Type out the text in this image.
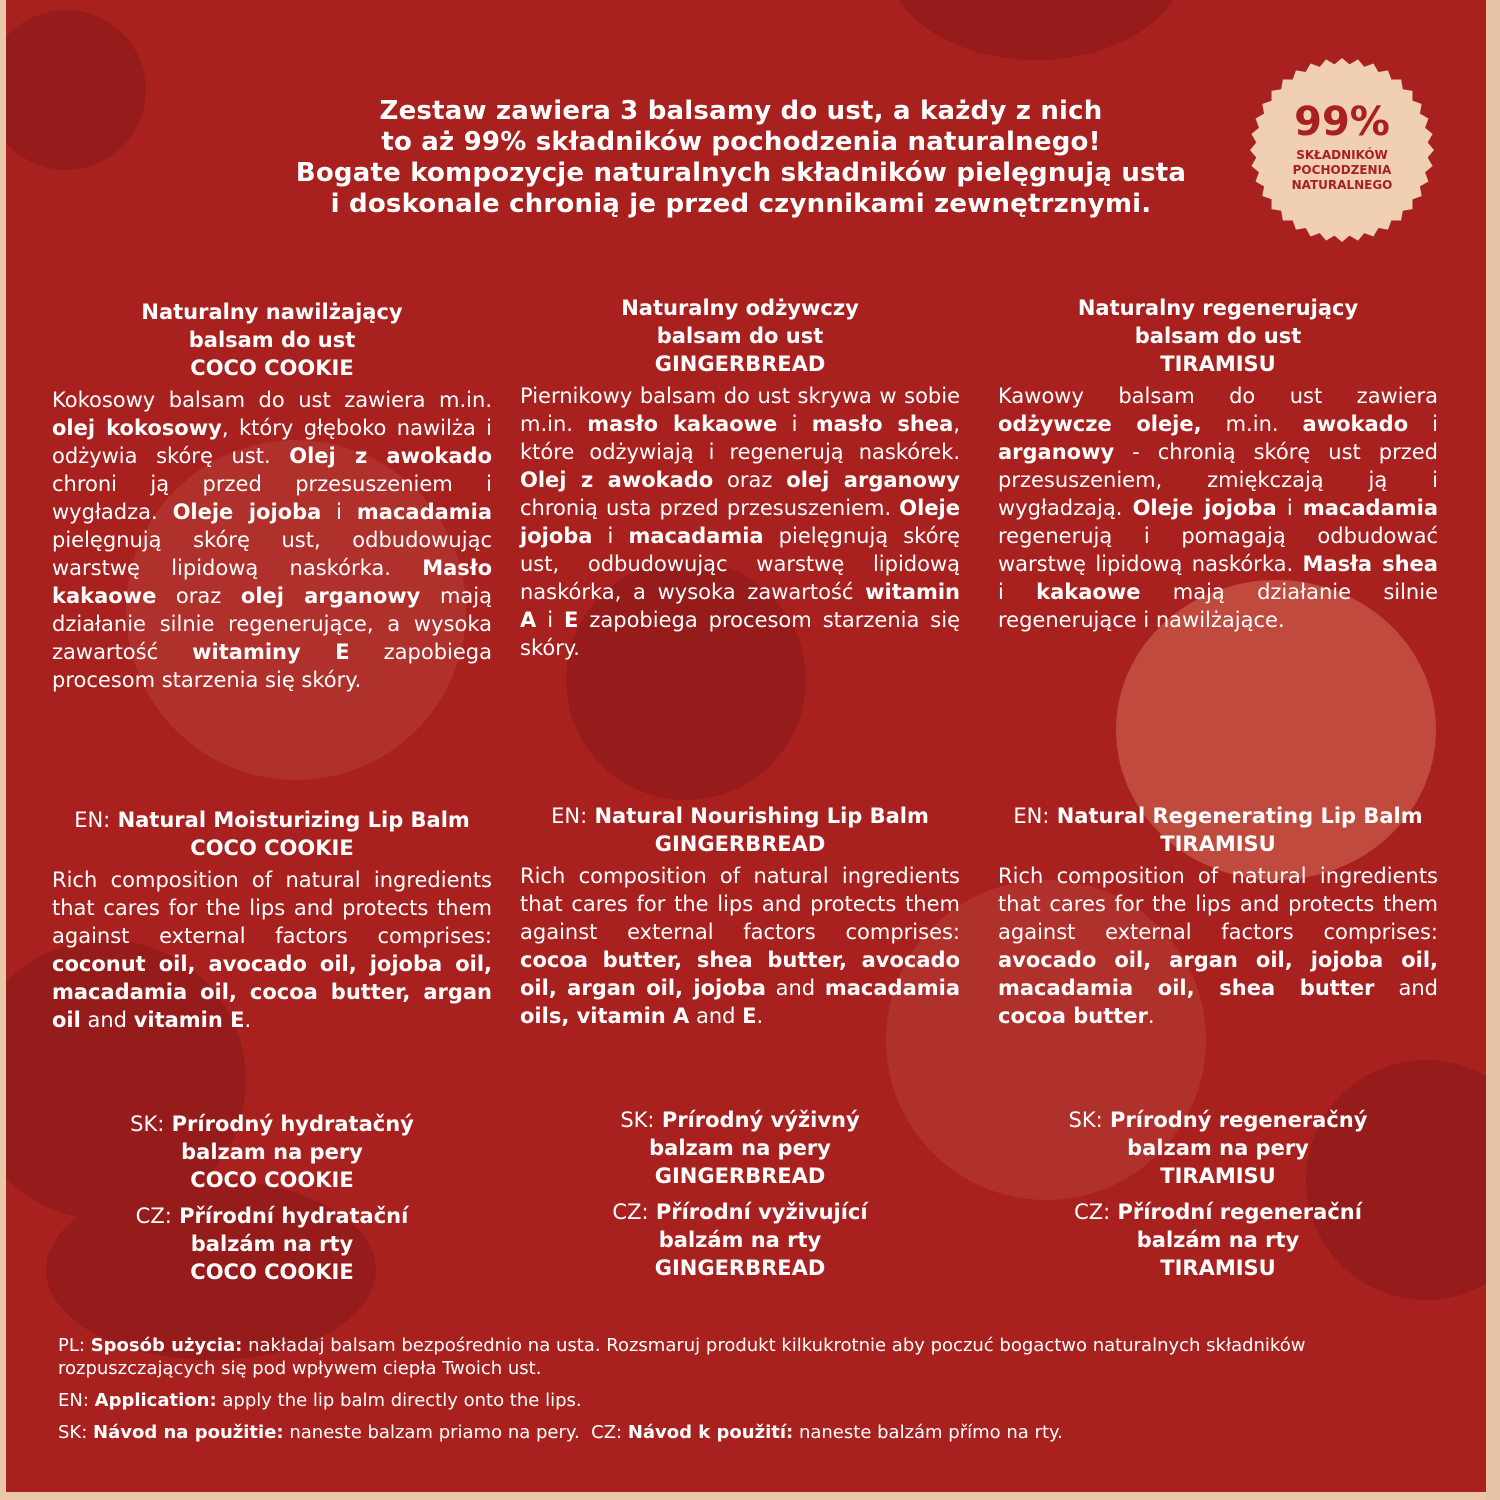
Zestaw zawiera 3 balsamy do ust, a każdy z nich
to aż 99% składników pochodzenia naturalnego!
Bogate kompozycje naturalnych składników pielęgnują usta
i doskonale chronią je przed czynnikami zewnętrznymi.
99%
SKŁADNIKÓW
POCHODZENIA
NATURALNEGO
Naturalny nawilżający
balsam do ust
COCO COOKIE
Kokosowy balsam do ust zawiera m.in. olej kokosowy, który głęboko nawilża i odżywia skórę ust. Olej z awokado chroni ją przed przesuszeniem i wygładza. Oleje jojoba i macadamia pielęgnują skórę ust, odbudowując warstwę lipidową naskórka. Masło kakaowe oraz olej arganowy mają działanie silnie regenerujące, a wysoka zawartość witaminy E zapobiega procesom starzenia się skóry.
Naturalny odżywczy
balsam do ust
GINGERBREAD
Piernikowy balsam do ust skrywa w sobie m.in. masło kakaowe i masło shea, które odżywiają i regenerują naskórek. Olej z awokado oraz olej arganowy chronią usta przed przesuszeniem. Oleje jojoba i macadamia pielęgnują skórę ust, odbudowując warstwę lipidową naskórka, a wysoka zawartość witamin A i E zapobiega procesom starzenia się skóry.
Naturalny regenerujący
balsam do ust
TIRAMISU
Kawowy balsam do ust zawiera odżywcze oleje, m.in. awokado i arganowy - chronią skórę ust przed przesuszeniem, zmiękczają ją i wygładzają. Oleje jojoba i macadamia regenerują i pomagają odbudować warstwę lipidową naskórka. Masła shea i kakaowe mają działanie silnie regenerujące i nawilżające.
EN: Natural Moisturizing Lip Balm
COCO COOKIE
Rich composition of natural ingredients that cares for the lips and protects them against external factors comprises: coconut oil, avocado oil, jojoba oil, macadamia oil, cocoa butter, argan oil and vitamin E.
EN: Natural Nourishing Lip Balm
GINGERBREAD
Rich composition of natural ingredients that cares for the lips and protects them against external factors comprises: cocoa butter, shea butter, avocado oil, argan oil, jojoba and macadamia oils, vitamin A and E.
EN: Natural Regenerating Lip Balm
TIRAMISU
Rich composition of natural ingredients that cares for the lips and protects them against external factors comprises: avocado oil, argan oil, jojoba oil, macadamia oil, shea butter and cocoa butter.
SK: Prírodný hydratačný
balzam na pery
COCO COOKIE
CZ: Přírodní hydratační
balzám na rty
COCO COOKIE
SK: Prírodný výživný
balzam na pery
GINGERBREAD
CZ: Přírodní vyživující
balzám na rty
GINGERBREAD
SK: Prírodný regeneračný
balzam na pery
TIRAMISU
CZ: Přírodní regenerační
balzám na rty
TIRAMISU

PL: Sposób użycia: nakładaj balsam bezpośrednio na usta. Rozsmaruj produkt kilkukrotnie aby poczuć bogactwo naturalnych składników rozpuszczających się pod wpływem ciepła Twoich ust.

EN: Application: apply the lip balm directly onto the lips.

SK: Návod na použitie: naneste balzam priamo na pery. CZ: Návod k použití: naneste balzám přímo na rty.
